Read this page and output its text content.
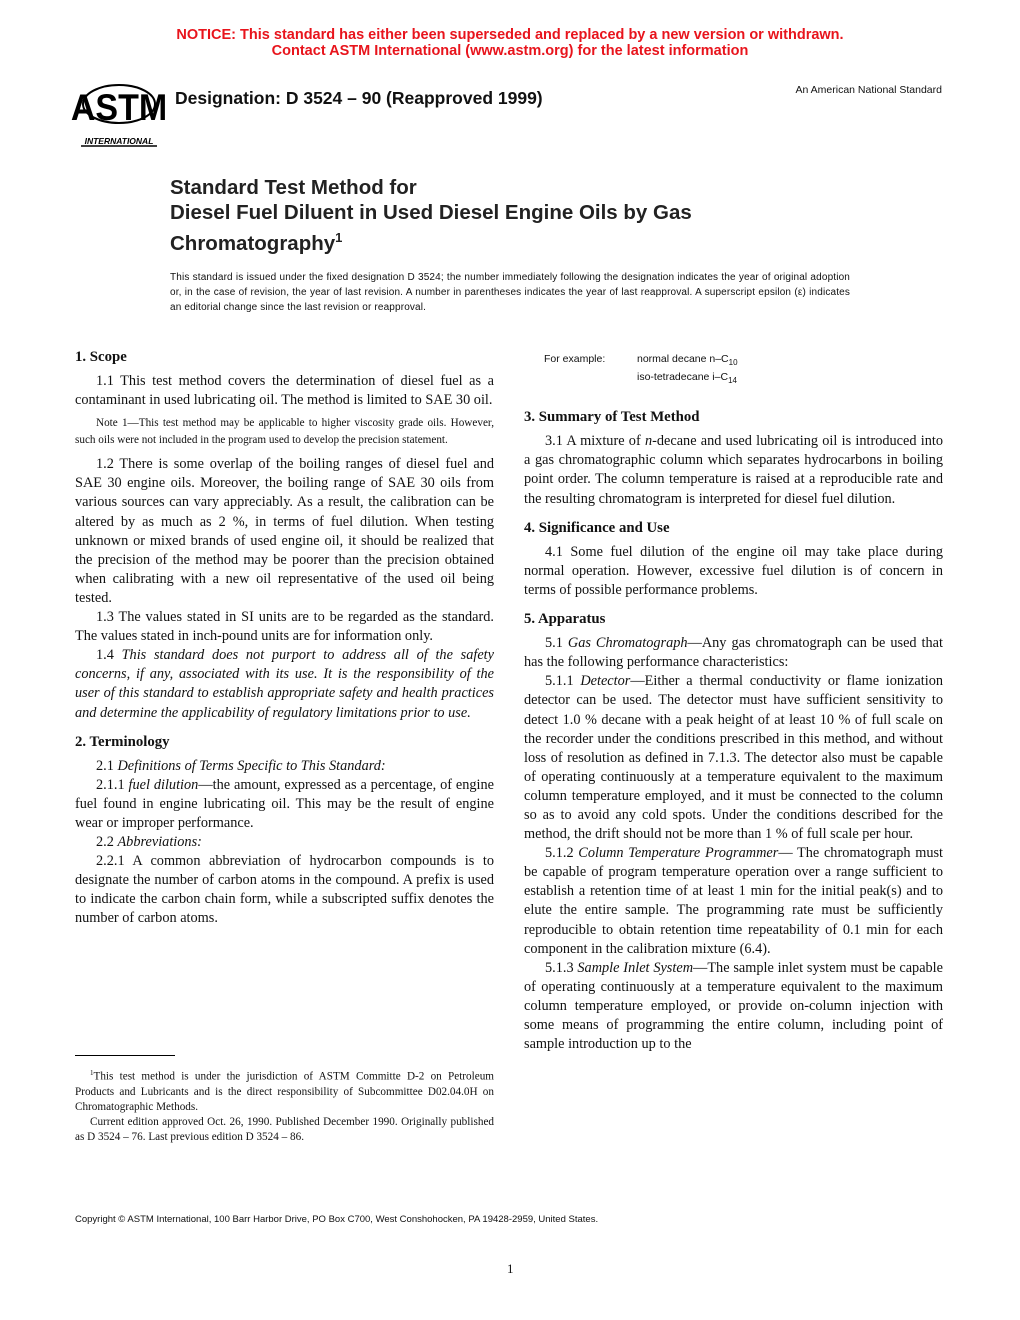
NOTICE: This standard has either been superseded and replaced by a new version or withdrawn.
Contact ASTM International (www.astm.org) for the latest information
ASTM
INTERNATIONAL
Designation: D 3524 – 90 (Reapproved 1999)	An American National Standard
Standard Test Method for
Diesel Fuel Diluent in Used Diesel Engine Oils by Gas
Chromatography$^1$
This standard is issued under the fixed designation D 3524; the number immediately following the designation indicates the year of original adoption or, in the case of revision, the year of last revision. A number in parentheses indicates the year of last reapproval. A superscript epsilon (ε) indicates an editorial change since the last revision or reapproval.
1. Scope

1.1 This test method covers the determination of diesel fuel as a contaminant in used lubricating oil. The method is limited to SAE 30 oil.

Note 1—This test method may be applicable to higher viscosity grade oils. However, such oils were not included in the program used to develop the precision statement.

1.2 There is some overlap of the boiling ranges of diesel fuel and SAE 30 engine oils. Moreover, the boiling range of SAE 30 oils from various sources can vary appreciably. As a result, the calibration can be altered by as much as 2 %, in terms of fuel dilution. When testing unknown or mixed brands of used engine oil, it should be realized that the precision of the method may be poorer than the precision obtained when calibrating with a new oil representative of the used oil being tested.

1.3 The values stated in SI units are to be regarded as the standard. The values stated in inch-pound units are for information only.

1.4 This standard does not purport to address all of the safety concerns, if any, associated with its use. It is the responsibility of the user of this standard to establish appropriate safety and health practices and determine the applicability of regulatory limitations prior to use.

2. Terminology

2.1 Definitions of Terms Specific to This Standard:

2.1.1 fuel dilution—the amount, expressed as a percentage, of engine fuel found in engine lubricating oil. This may be the result of engine wear or improper performance.

2.2 Abbreviations:

2.2.1 A common abbreviation of hydrocarbon compounds is to designate the number of carbon atoms in the compound. A prefix is used to indicate the carbon chain form, while a subscripted suffix denotes the number of carbon atoms.

For example:	normal decane $n-C_{10}$
iso-tetradecane $i-C_{14}$
3. Summary of Test Method

3.1 A mixture of n-decane and used lubricating oil is introduced into a gas chromatographic column which separates hydrocarbons in boiling point order. The column temperature is raised at a reproducible rate and the resulting chromatogram is interpreted for diesel fuel dilution.

4. Significance and Use

4.1 Some fuel dilution of the engine oil may take place during normal operation. However, excessive fuel dilution is of concern in terms of possible performance problems.

5. Apparatus

5.1 Gas Chromatograph—Any gas chromatograph can be used that has the following performance characteristics:

5.1.1 Detector—Either a thermal conductivity or flame ionization detector can be used. The detector must have sufficient sensitivity to detect 1.0 % decane with a peak height of at least 10 % of full scale on the recorder under the conditions prescribed in this method, and without loss of resolution as defined in 7.1.3. The detector also must be capable of operating continuously at a temperature equivalent to the maximum column temperature employed, and it must be connected to the column so as to avoid any cold spots. Under the conditions described for the method, the drift should not be more than 1 % of full scale per hour.

5.1.2 Column Temperature Programmer— The chromatograph must be capable of program temperature operation over a range sufficient to establish a retention time of at least 1 min for the initial peak(s) and to elute the entire sample. The programming rate must be sufficiently reproducible to obtain retention time repeatability of 0.1 min for each component in the calibration mixture (6.4).

5.1.3 Sample Inlet System—The sample inlet system must be capable of operating continuously at a temperature equivalent to the maximum column temperature employed, or provide on-column injection with some means of programming the entire column, including point of sample introduction up to the

$^1$This test method is under the jurisdiction of ASTM Committe D-2 on Petroleum Products and Lubricants and is the direct responsibility of Subcommittee D02.04.0H on Chromatographic Methods.

Current edition approved Oct. 26, 1990. Published December 1990. Originally published as D 3524 – 76. Last previous edition D 3524 – 86.

Copyright © ASTM International, 100 Barr Harbor Drive, PO Box C700, West Conshohocken, PA 19428-2959, United States.
1
